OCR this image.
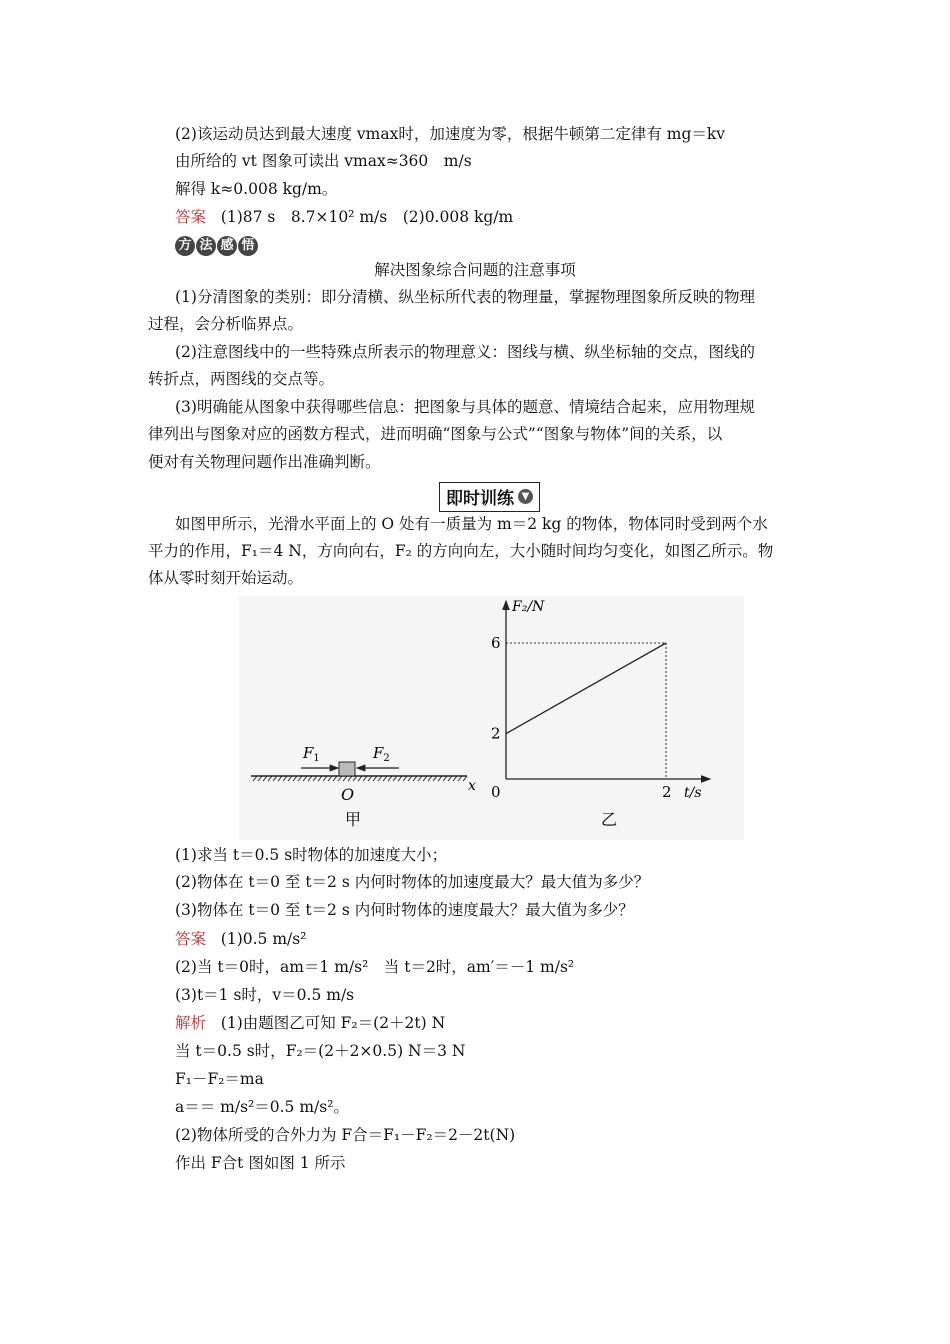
(2)该运动员达到最大速度 vmax时，加速度为零，根据牛顿第二定律有 mg＝kv
由所给的 vt 图象可读出 vmax≈360　m/s
解得 k≈0.008 kg/m。
答案 (1)87 s　8.7×10² m/s　(2)0.008 kg/m
方 法 感 悟
解决图象综合问题的注意事项
(1)分清图象的类别：即分清横、纵坐标所代表的物理量，掌握物理图象所反映的物理
过程，会分析临界点。
(2)注意图线中的一些特殊点所表示的物理意义：图线与横、纵坐标轴的交点，图线的
转折点，两图线的交点等。
(3)明确能从图象中获得哪些信息：把图象与具体的题意、情境结合起来，应用物理规
律列出与图象对应的函数方程式，进而明确“图象与公式”“图象与物体”间的关系，以
便对有关物理问题作出准确判断。
即时训练 ▼
如图甲所示，光滑水平面上的 O 处有一质量为 m＝2 kg 的物体，物体同时受到两个水
平力的作用，F₁＝4 N，方向向右，F₂ 的方向向左，大小随时间均匀变化，如图乙所示。物
体从零时刻开始运动。
$F_1$	$F_2$
O	x
甲
F₂/N
t/s
6
2
0	2
乙
(1)求当 t＝0.5 s时物体的加速度大小；
(2)物体在 t＝0 至 t＝2 s 内何时物体的加速度最大？最大值为多少？
(3)物体在 t＝0 至 t＝2 s 内何时物体的速度最大？最大值为多少？
答案 (1)0.5 m/s²
(2)当 t＝0时，am＝1 m/s²　当 t＝2时，am′＝－1 m/s²
(3)t＝1 s时，v＝0.5 m/s
解析 (1)由题图乙可知 F₂＝(2＋2t) N
当 t＝0.5 s时，F₂＝(2＋2×0.5) N＝3 N
F₁－F₂＝ma
a＝＝ m/s²＝0.5 m/s²。
(2)物体所受的合外力为 F合＝F₁－F₂＝2－2t(N)
作出 F合t 图如图 1 所示
